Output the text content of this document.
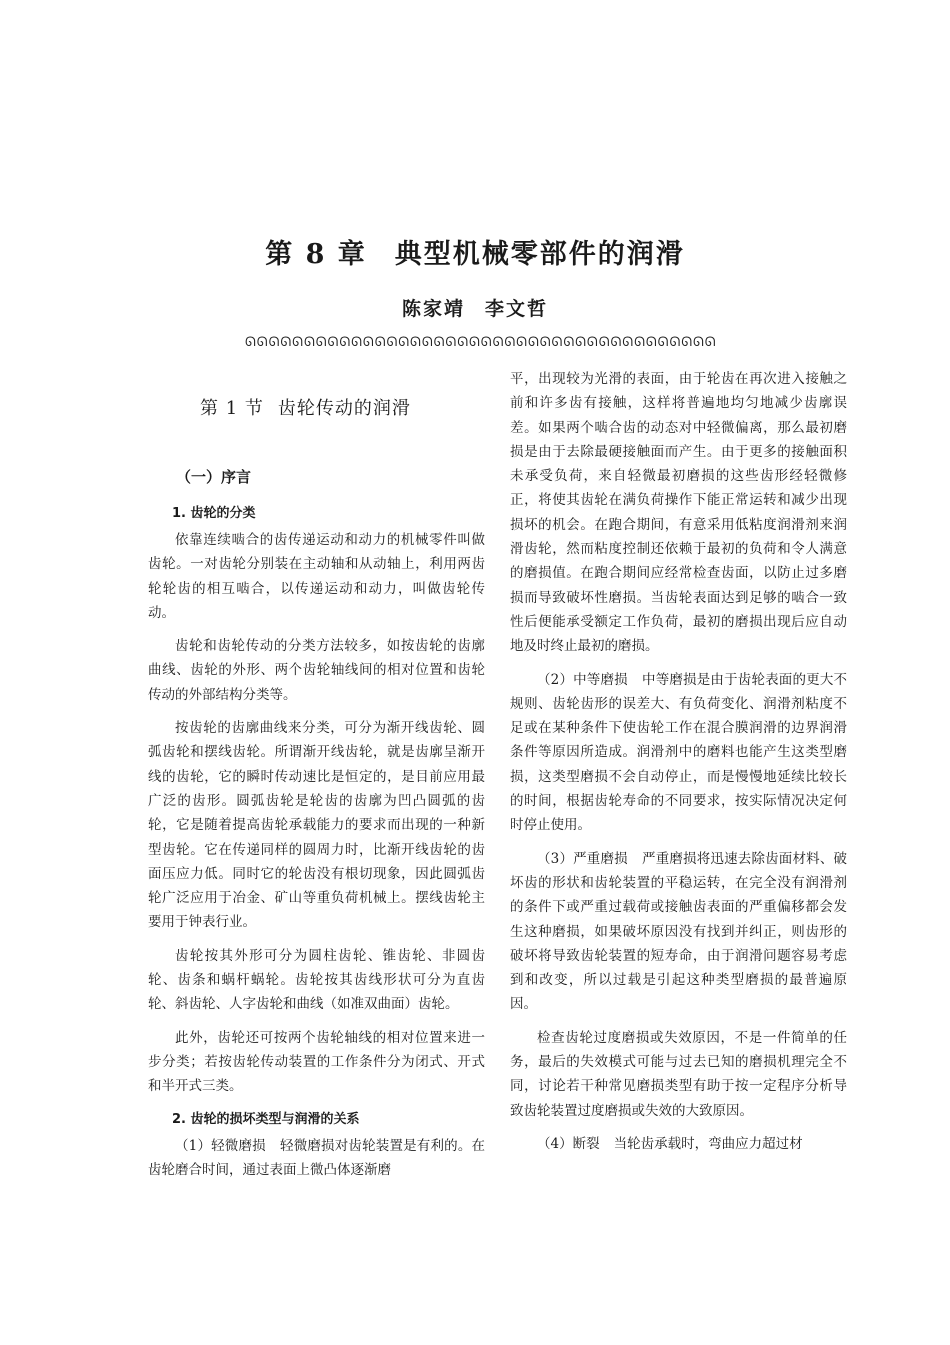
第 8 章 典型机械零部件的润滑
陈家靖 李文哲
ᘏ︎ᘏ︎ᘏ︎ᘏ︎ᘏ︎ᘏ︎ᘏ︎ᘏ︎ᘏ︎ᘏ︎ᘏ︎ᘏ︎ᘏ︎ᘏ︎ᘏ︎ᘏ︎ᘏ︎ᘏ︎ᘏ︎ᘏ︎ᘏ︎ᘏ︎ᘏ︎ᘏ︎ᘏ︎ᘏ︎ᘏ︎ᘏ︎ᘏ︎ᘏ︎ᘏ︎ᘏ︎ᘏ︎ᘏ︎ᘏ︎ᘏ︎ᘏ︎ᘏ︎ᘏ︎ᘏ︎
第 1 节 齿轮传动的润滑
（一）序言
1. 齿轮的分类

依靠连续啮合的齿传递运动和动力的机械零件叫做齿轮。一对齿轮分别装在主动轴和从动轴上，利用两齿轮轮齿的相互啮合，以传递运动和动力，叫做齿轮传动。

齿轮和齿轮传动的分类方法较多，如按齿轮的齿廓曲线、齿轮的外形、两个齿轮轴线间的相对位置和齿轮传动的外部结构分类等。

按齿轮的齿廓曲线来分类，可分为渐开线齿轮、圆弧齿轮和摆线齿轮。所谓渐开线齿轮，就是齿廓呈渐开线的齿轮，它的瞬时传动速比是恒定的，是目前应用最广泛的齿形。圆弧齿轮是轮齿的齿廓为凹凸圆弧的齿轮，它是随着提高齿轮承载能力的要求而出现的一种新型齿轮。它在传递同样的圆周力时，比渐开线齿轮的齿面压应力低。同时它的轮齿没有根切现象，因此圆弧齿轮广泛应用于冶金、矿山等重负荷机械上。摆线齿轮主要用于钟表行业。

齿轮按其外形可分为圆柱齿轮、锥齿轮、非圆齿轮、齿条和蜗杆蜗轮。齿轮按其齿线形状可分为直齿轮、斜齿轮、人字齿轮和曲线（如准双曲面）齿轮。

此外，齿轮还可按两个齿轮轴线的相对位置来进一步分类；若按齿轮传动装置的工作条件分为闭式、开式和半开式三类。

2. 齿轮的损坏类型与润滑的关系

（1）轻微磨损 轻微磨损对齿轮装置是有利的。在齿轮磨合时间，通过表面上微凸体逐渐磨

平，出现较为光滑的表面，由于轮齿在再次进入接触之前和许多齿有接触，这样将普遍地均匀地减少齿廓误差。如果两个啮合齿的动态对中轻微偏离，那么最初磨损是由于去除最硬接触面而产生。由于更多的接触面积未承受负荷，来自轻微最初磨损的这些齿形经轻微修正，将使其齿轮在满负荷操作下能正常运转和减少出现损坏的机会。在跑合期间，有意采用低粘度润滑剂来润滑齿轮，然而粘度控制还依赖于最初的负荷和令人满意的磨损值。在跑合期间应经常检查齿面，以防止过多磨损而导致破坏性磨损。当齿轮表面达到足够的啮合一致性后便能承受额定工作负荷，最初的磨损出现后应自动地及时终止最初的磨损。

（2）中等磨损 中等磨损是由于齿轮表面的更大不规则、齿轮齿形的误差大、有负荷变化、润滑剂粘度不足或在某种条件下使齿轮工作在混合膜润滑的边界润滑条件等原因所造成。润滑剂中的磨料也能产生这类型磨损，这类型磨损不会自动停止，而是慢慢地延续比较长的时间，根据齿轮寿命的不同要求，按实际情况决定何时停止使用。

（3）严重磨损 严重磨损将迅速去除齿面材料、破坏齿的形状和齿轮装置的平稳运转，在完全没有润滑剂的条件下或严重过载荷或接触齿表面的严重偏移都会发生这种磨损，如果破坏原因没有找到并纠正，则齿形的破坏将导致齿轮装置的短寿命，由于润滑问题容易考虑到和改变，所以过载是引起这种类型磨损的最普遍原因。

检查齿轮过度磨损或失效原因，不是一件简单的任务，最后的失效模式可能与过去已知的磨损机理完全不同，讨论若干种常见磨损类型有助于按一定程序分析导致齿轮装置过度磨损或失效的大致原因。

（4）断裂 当轮齿承载时，弯曲应力超过材
